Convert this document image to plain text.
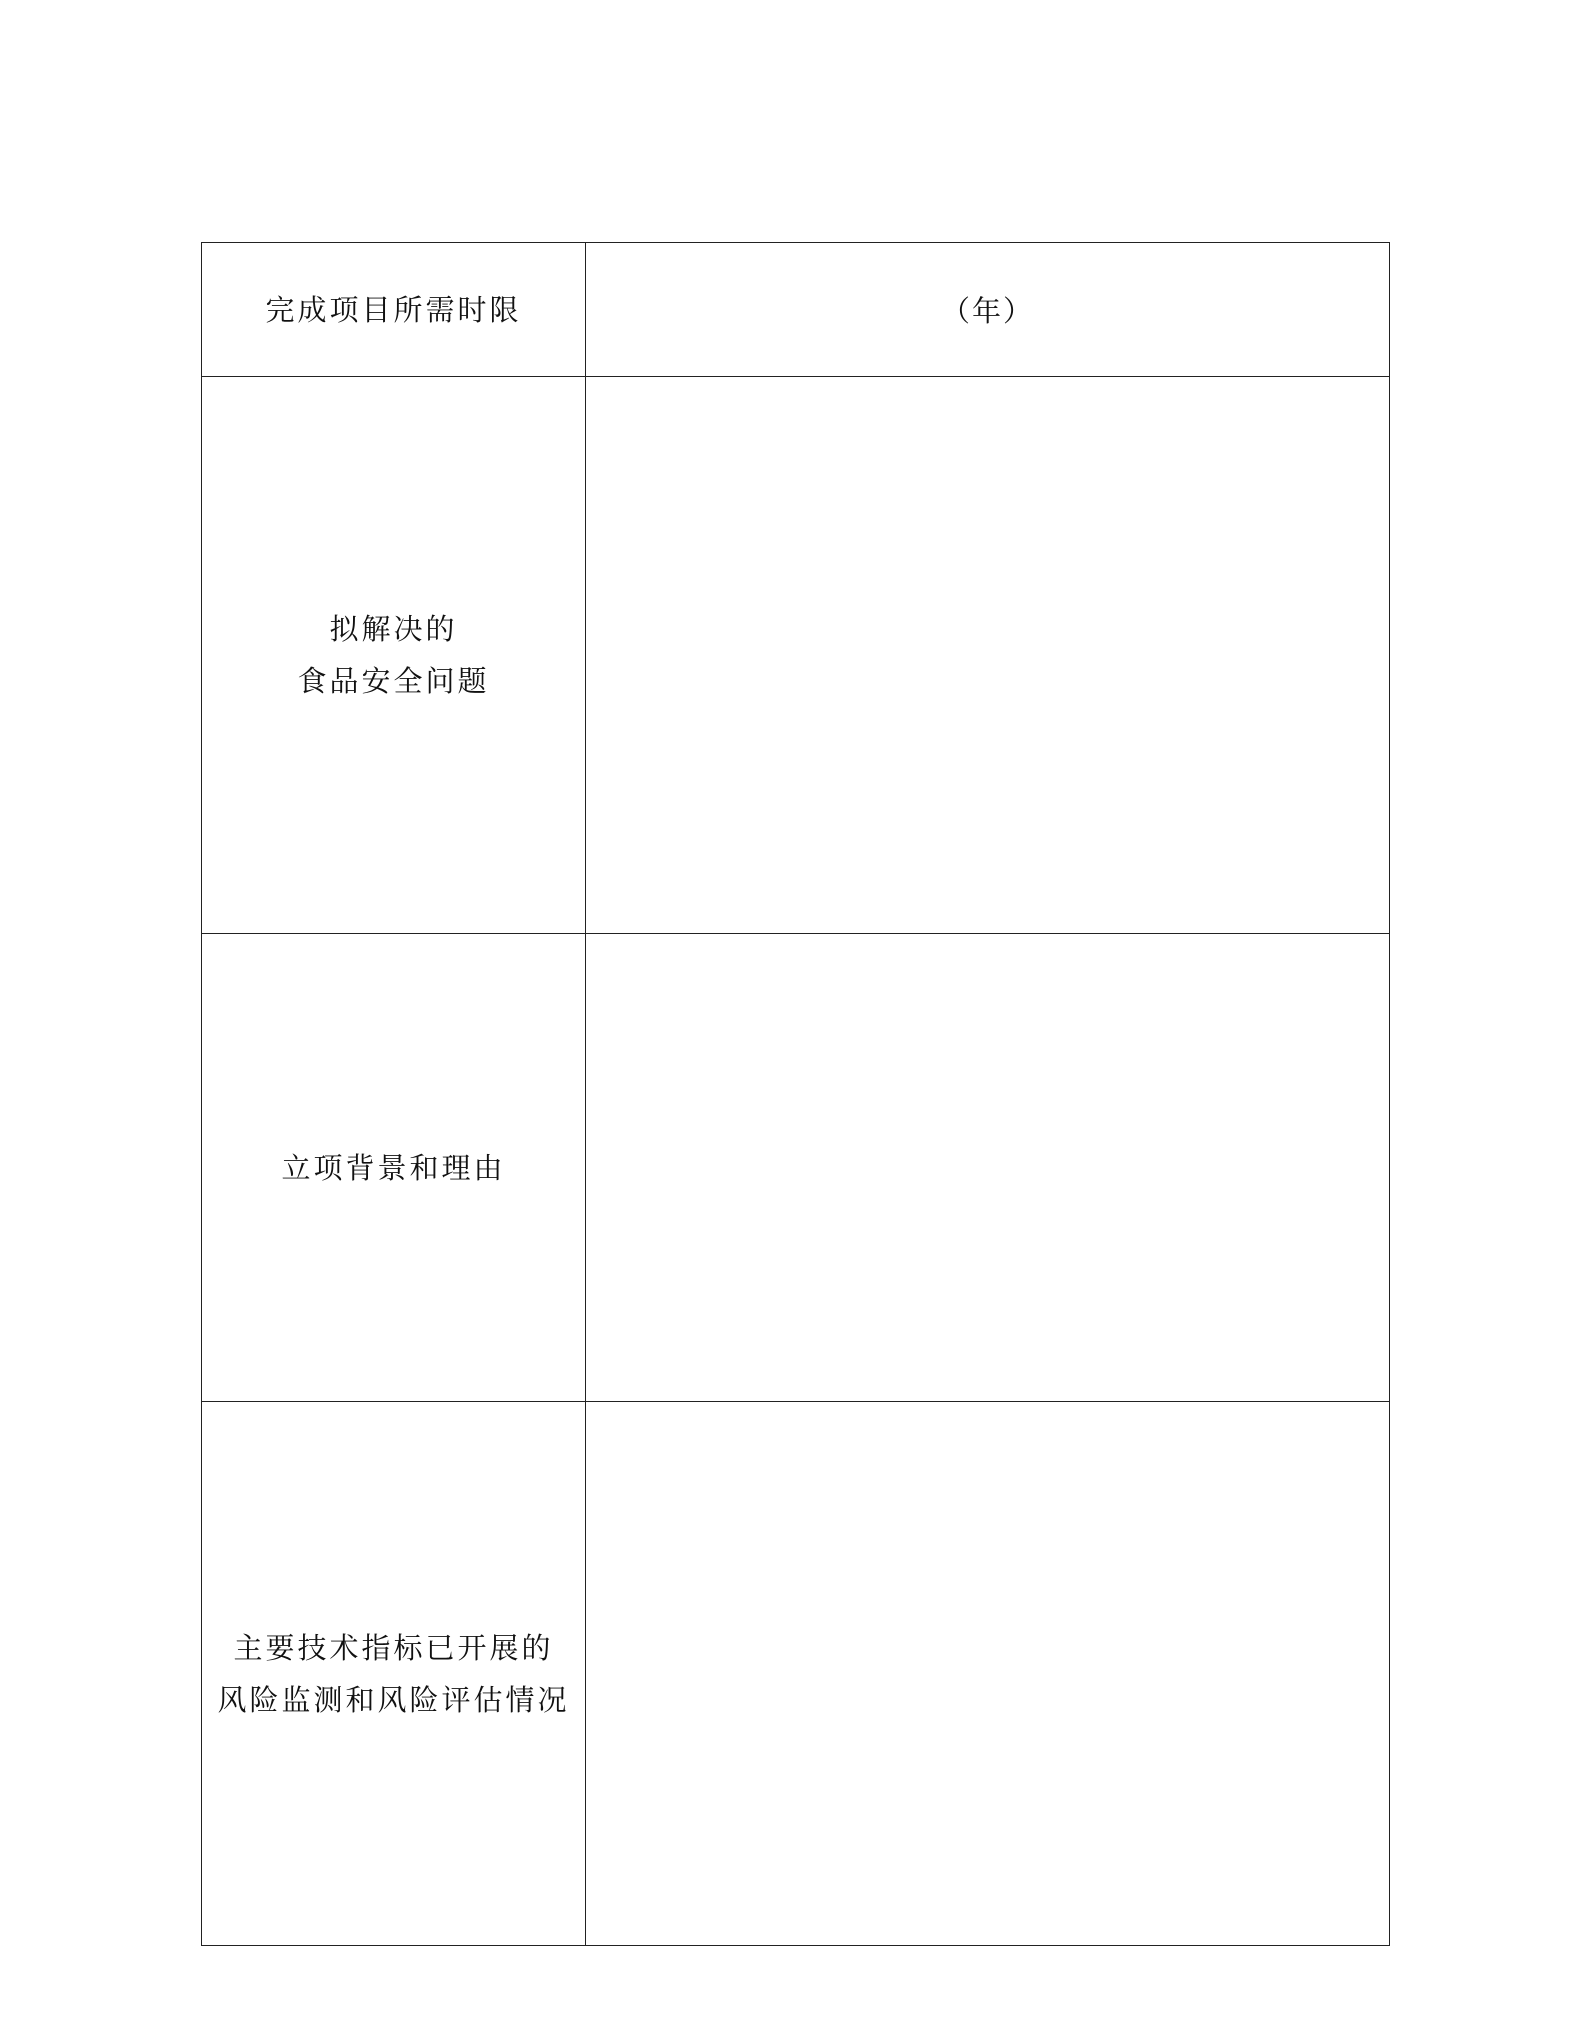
完成项目所需时限	（年）

拟解决的
食品安全问题	

立项背景和理由	

主要技术指标已开展的
风险监测和风险评估情况	
